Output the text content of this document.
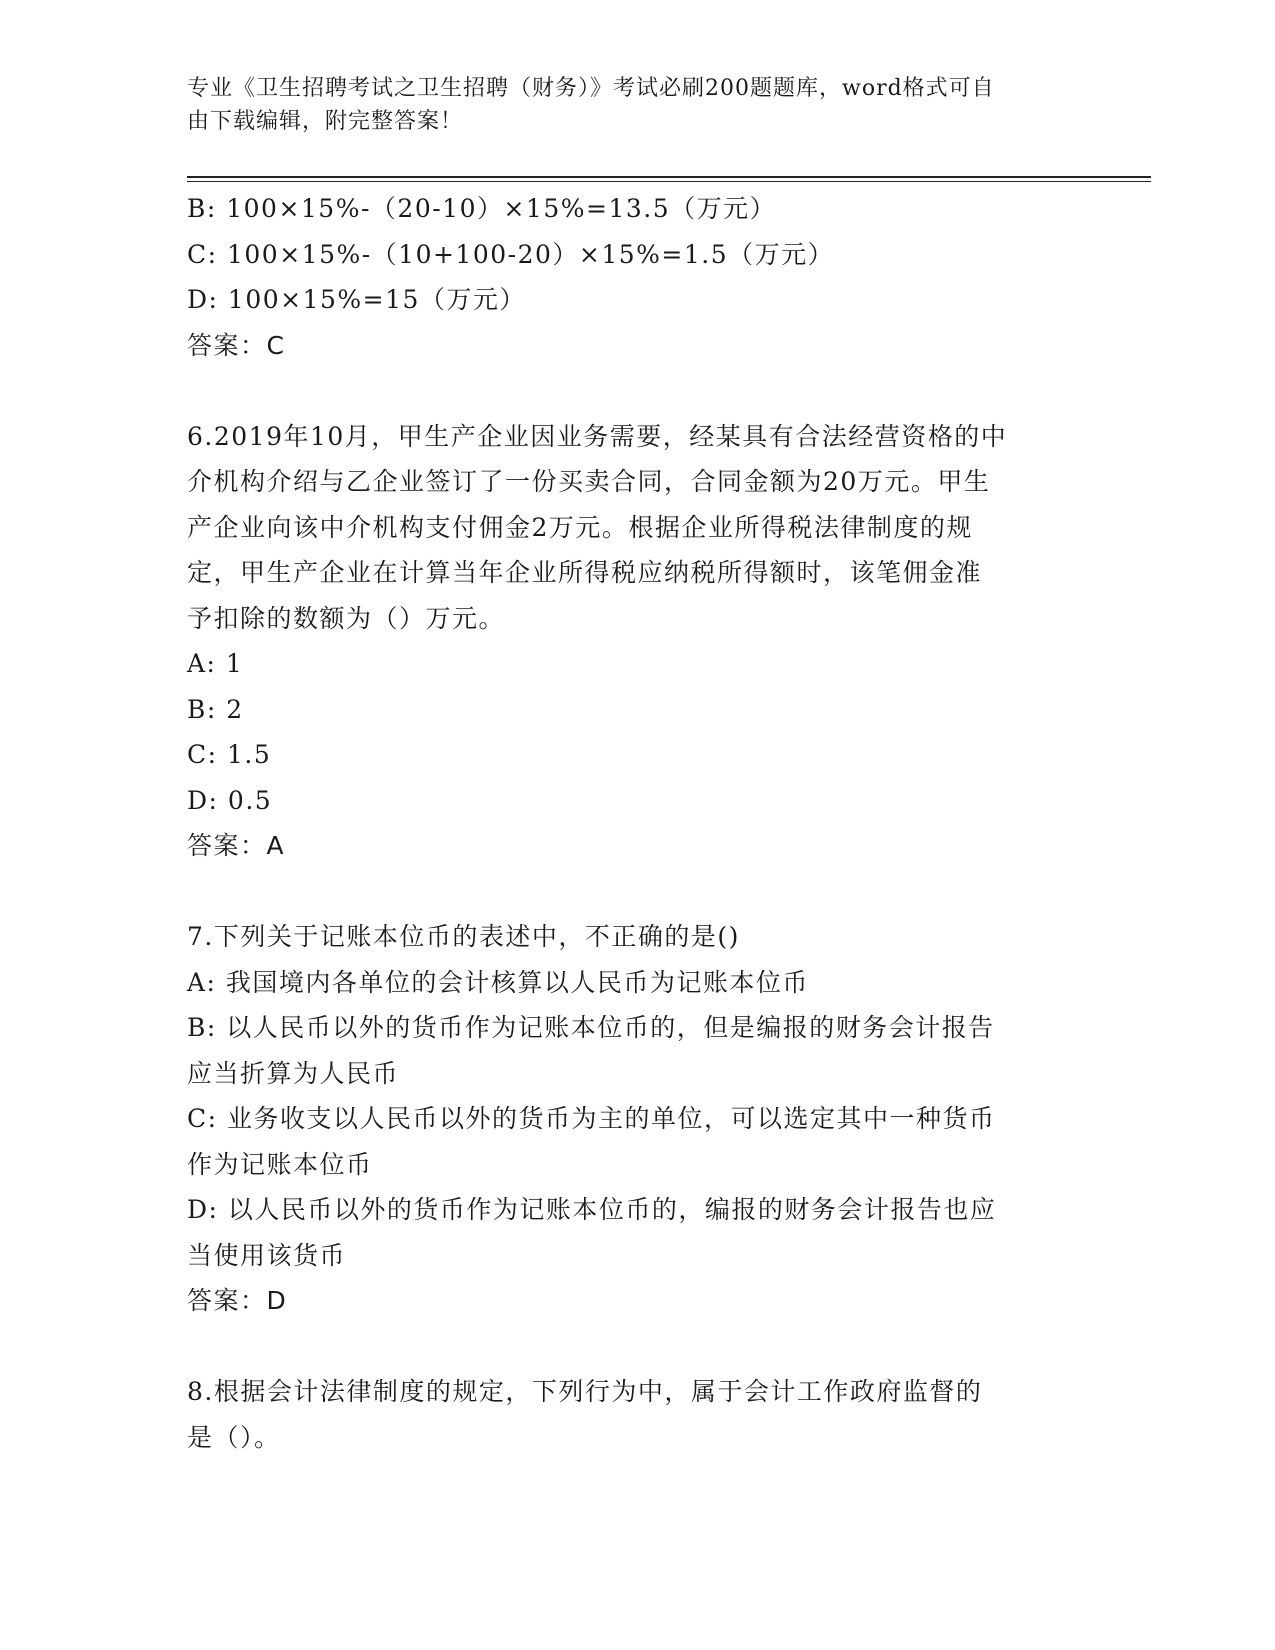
专业《卫生招聘考试之卫生招聘（财务）》考试必刷200题题库，word格式可自
由下载编辑，附完整答案！
B: 100×15%-（20-10）×15%=13.5（万元）
C: 100×15%-（10+100-20）×15%=1.5（万元）
D: 100×15%=15（万元）
答案：C
6.2019年10月，甲生产企业因业务需要，经某具有合法经营资格的中
介机构介绍与乙企业签订了一份买卖合同，合同金额为20万元。甲生
产企业向该中介机构支付佣金2万元。根据企业所得税法律制度的规
定，甲生产企业在计算当年企业所得税应纳税所得额时，该笔佣金准
予扣除的数额为（）万元。
A: 1
B: 2
C: 1.5
D: 0.5
答案：A
7.下列关于记账本位币的表述中，不正确的是()
A: 我国境内各单位的会计核算以人民币为记账本位币
B: 以人民币以外的货币作为记账本位币的，但是编报的财务会计报告
应当折算为人民币
C: 业务收支以人民币以外的货币为主的单位，可以选定其中一种货币
作为记账本位币
D: 以人民币以外的货币作为记账本位币的，编报的财务会计报告也应
当使用该货币
答案：D
8.根据会计法律制度的规定，下列行为中，属于会计工作政府监督的
是（）。
